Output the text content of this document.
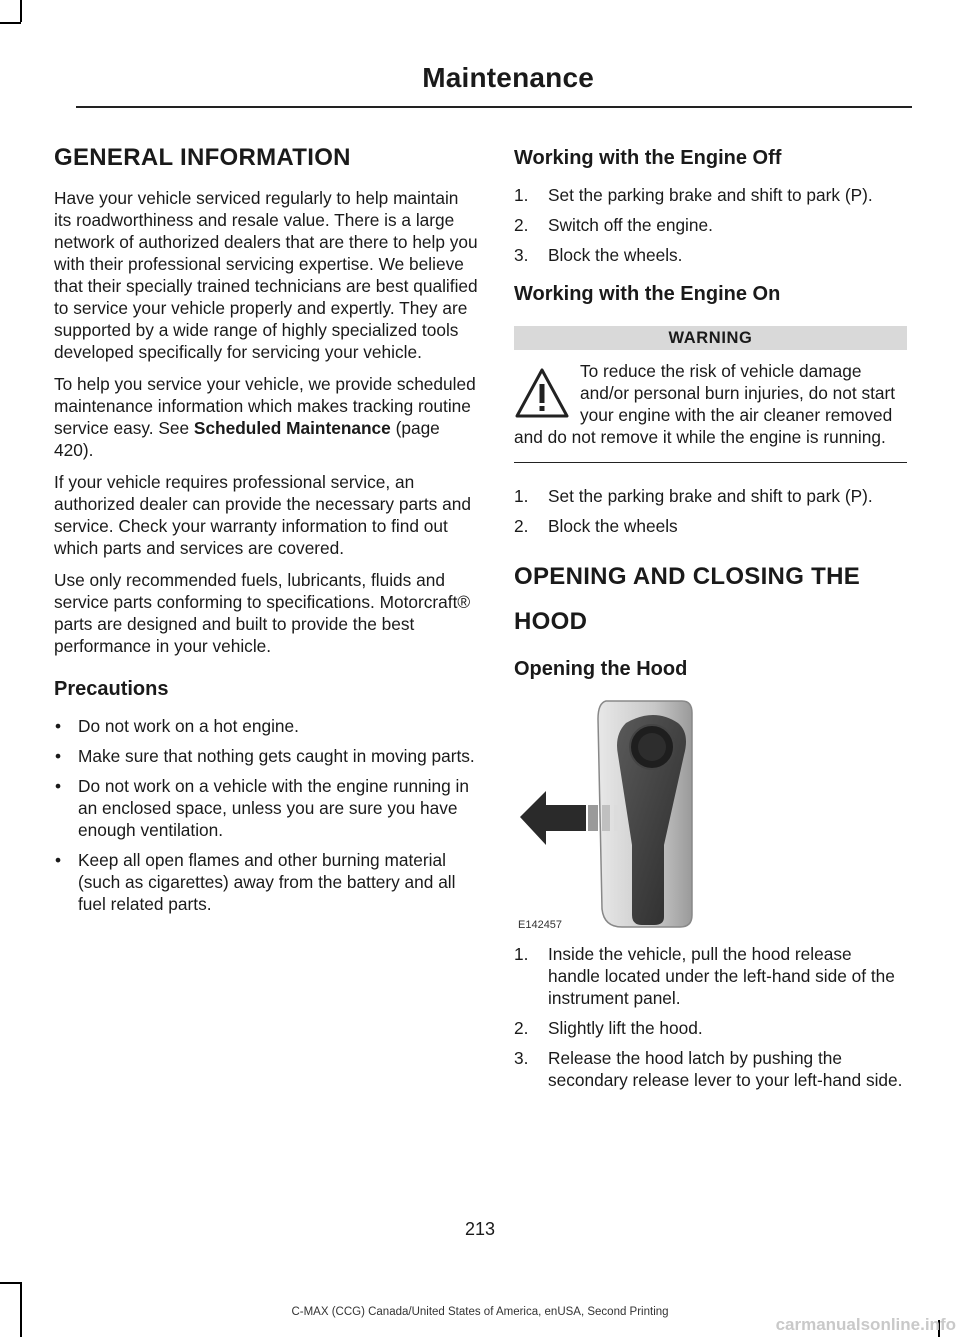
Maintenance
GENERAL INFORMATION

Have your vehicle serviced regularly to help maintain its roadworthiness and resale value. There is a large network of authorized dealers that are there to help you with their professional servicing expertise. We believe that their specially trained technicians are best qualified to service your vehicle properly and expertly. They are supported by a wide range of highly specialized tools developed specifically for servicing your vehicle.

To help you service your vehicle, we provide scheduled maintenance information which makes tracking routine service easy. See Scheduled Maintenance (page 420).

If your vehicle requires professional service, an authorized dealer can provide the necessary parts and service. Check your warranty information to find out which parts and services are covered.

Use only recommended fuels, lubricants, fluids and service parts conforming to specifications. Motorcraft® parts are designed and built to provide the best performance in your vehicle.

Precautions
• Do not work on a hot engine.
• Make sure that nothing gets caught in moving parts.
• Do not work on a vehicle with the engine running in an enclosed space, unless you are sure you have enough ventilation.
• Keep all open flames and other burning material (such as cigarettes) away from the battery and all fuel related parts.
Working with the Engine Off
1. Set the parking brake and shift to park (P).
2. Switch off the engine.
3. Block the wheels.
Working with the Engine On
WARNING
To reduce the risk of vehicle damage and/or personal burn injuries, do not start your engine with the air cleaner removed and do not remove it while the engine is running.
1. Set the parking brake and shift to park (P).
2. Block the wheels
OPENING AND CLOSING THE
HOOD
Opening the Hood
E142457
1. Inside the vehicle, pull the hood release handle located under the left-hand side of the instrument panel.
2. Slightly lift the hood.
3. Release the hood latch by pushing the secondary release lever to your left-hand side.
213
C-MAX (CCG) Canada/United States of America, enUSA, Second Printing
carmanualsonline.info
